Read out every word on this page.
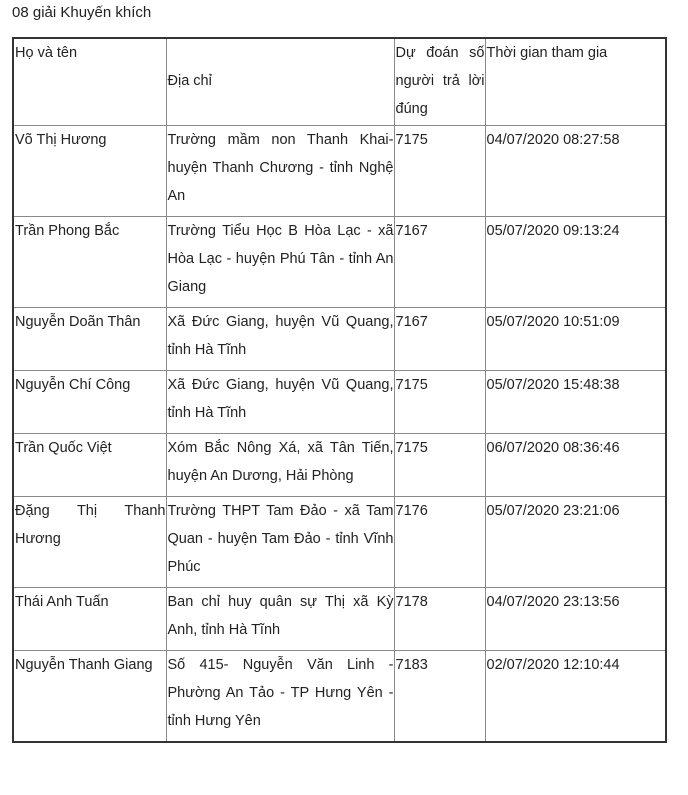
08 giải Khuyến khích
Họ và tên	Địa chỉ	Dự đoán số người trả lời đúng	Thời gian tham gia
Võ Thị Hương	Trường mầm non Thanh Khai- huyện Thanh Chương - tỉnh Nghệ An	7175	04/07/2020 08:27:58
Trần Phong Bắc	Trường Tiểu Học B Hòa Lạc - xã Hòa Lạc - huyện Phú Tân - tỉnh An Giang	7167	05/07/2020 09:13:24
Nguyễn Doãn Thân	Xã Đức Giang, huyện Vũ Quang, tỉnh Hà Tĩnh	7167	05/07/2020 10:51:09
Nguyễn Chí Công	Xã Đức Giang, huyện Vũ Quang, tỉnh Hà Tĩnh	7175	05/07/2020 15:48:38
Trần Quốc Việt	Xóm Bắc Nông Xá, xã Tân Tiến, huyện An Dương, Hải Phòng	7175	06/07/2020 08:36:46
Đặng Thị Thanh Hương	Trường THPT Tam Đảo - xã Tam Quan - huyện Tam Đảo - tỉnh Vĩnh Phúc	7176	05/07/2020 23:21:06
Thái Anh Tuấn	Ban chỉ huy quân sự Thị xã Kỳ Anh, tỉnh Hà Tĩnh	7178	04/07/2020 23:13:56
Nguyễn Thanh Giang	Số 415- Nguyễn Văn Linh - Phường An Tảo - TP Hưng Yên - tỉnh Hưng Yên	7183	02/07/2020 12:10:44
